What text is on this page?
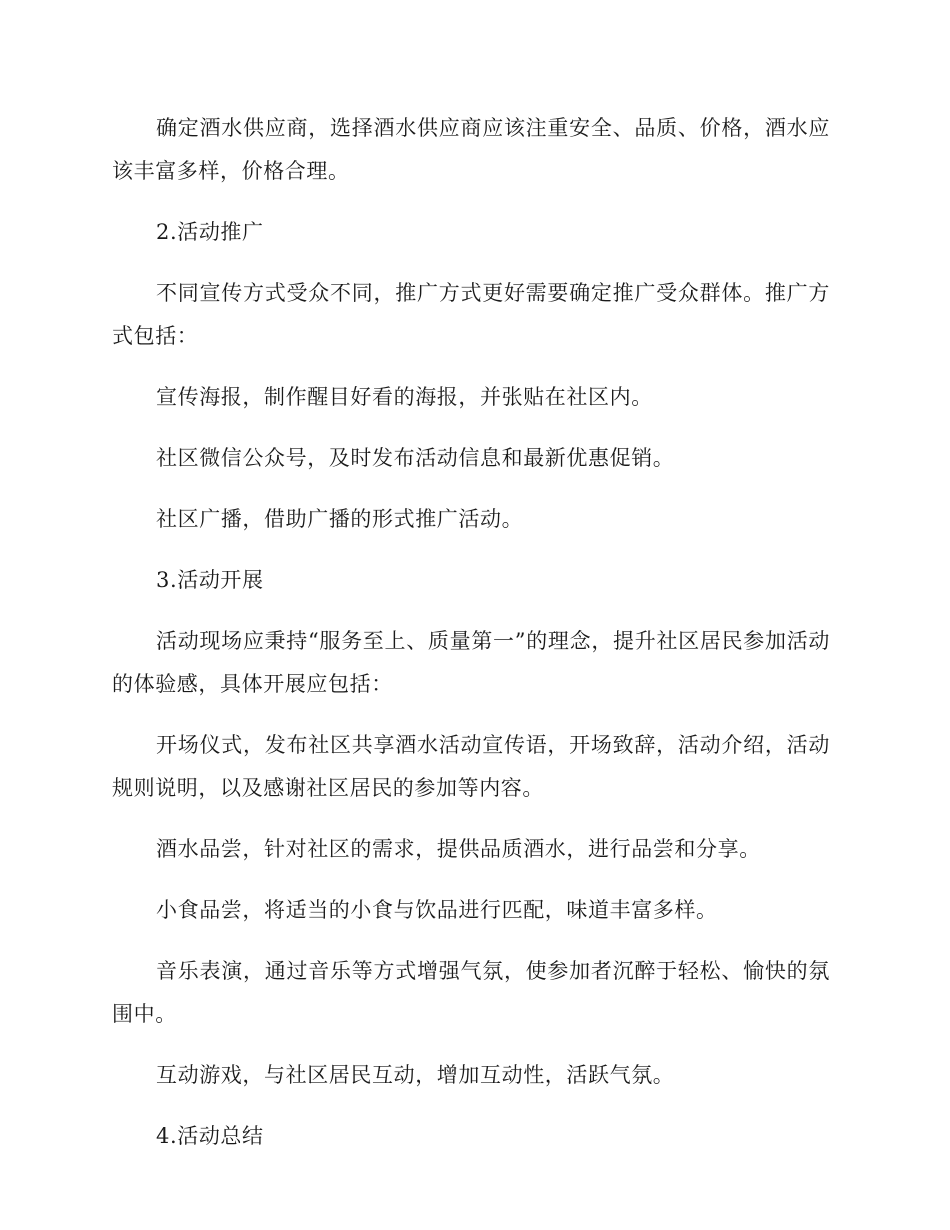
确定酒水供应商，选择酒水供应商应该注重安全、品质、价格，酒水应该丰富多样，价格合理。

2.活动推广

不同宣传方式受众不同，推广方式更好需要确定推广受众群体。推广方式包括：

宣传海报，制作醒目好看的海报，并张贴在社区内。

社区微信公众号，及时发布活动信息和最新优惠促销。

社区广播，借助广播的形式推广活动。

3.活动开展

活动现场应秉持“服务至上、质量第一”的理念，提升社区居民参加活动的体验感，具体开展应包括：

开场仪式，发布社区共享酒水活动宣传语，开场致辞，活动介绍，活动规则说明，以及感谢社区居民的参加等内容。

酒水品尝，针对社区的需求，提供品质酒水，进行品尝和分享。

小食品尝，将适当的小食与饮品进行匹配，味道丰富多样。

音乐表演，通过音乐等方式增强气氛，使参加者沉醉于轻松、愉快的氛围中。

互动游戏，与社区居民互动，增加互动性，活跃气氛。

4.活动总结
